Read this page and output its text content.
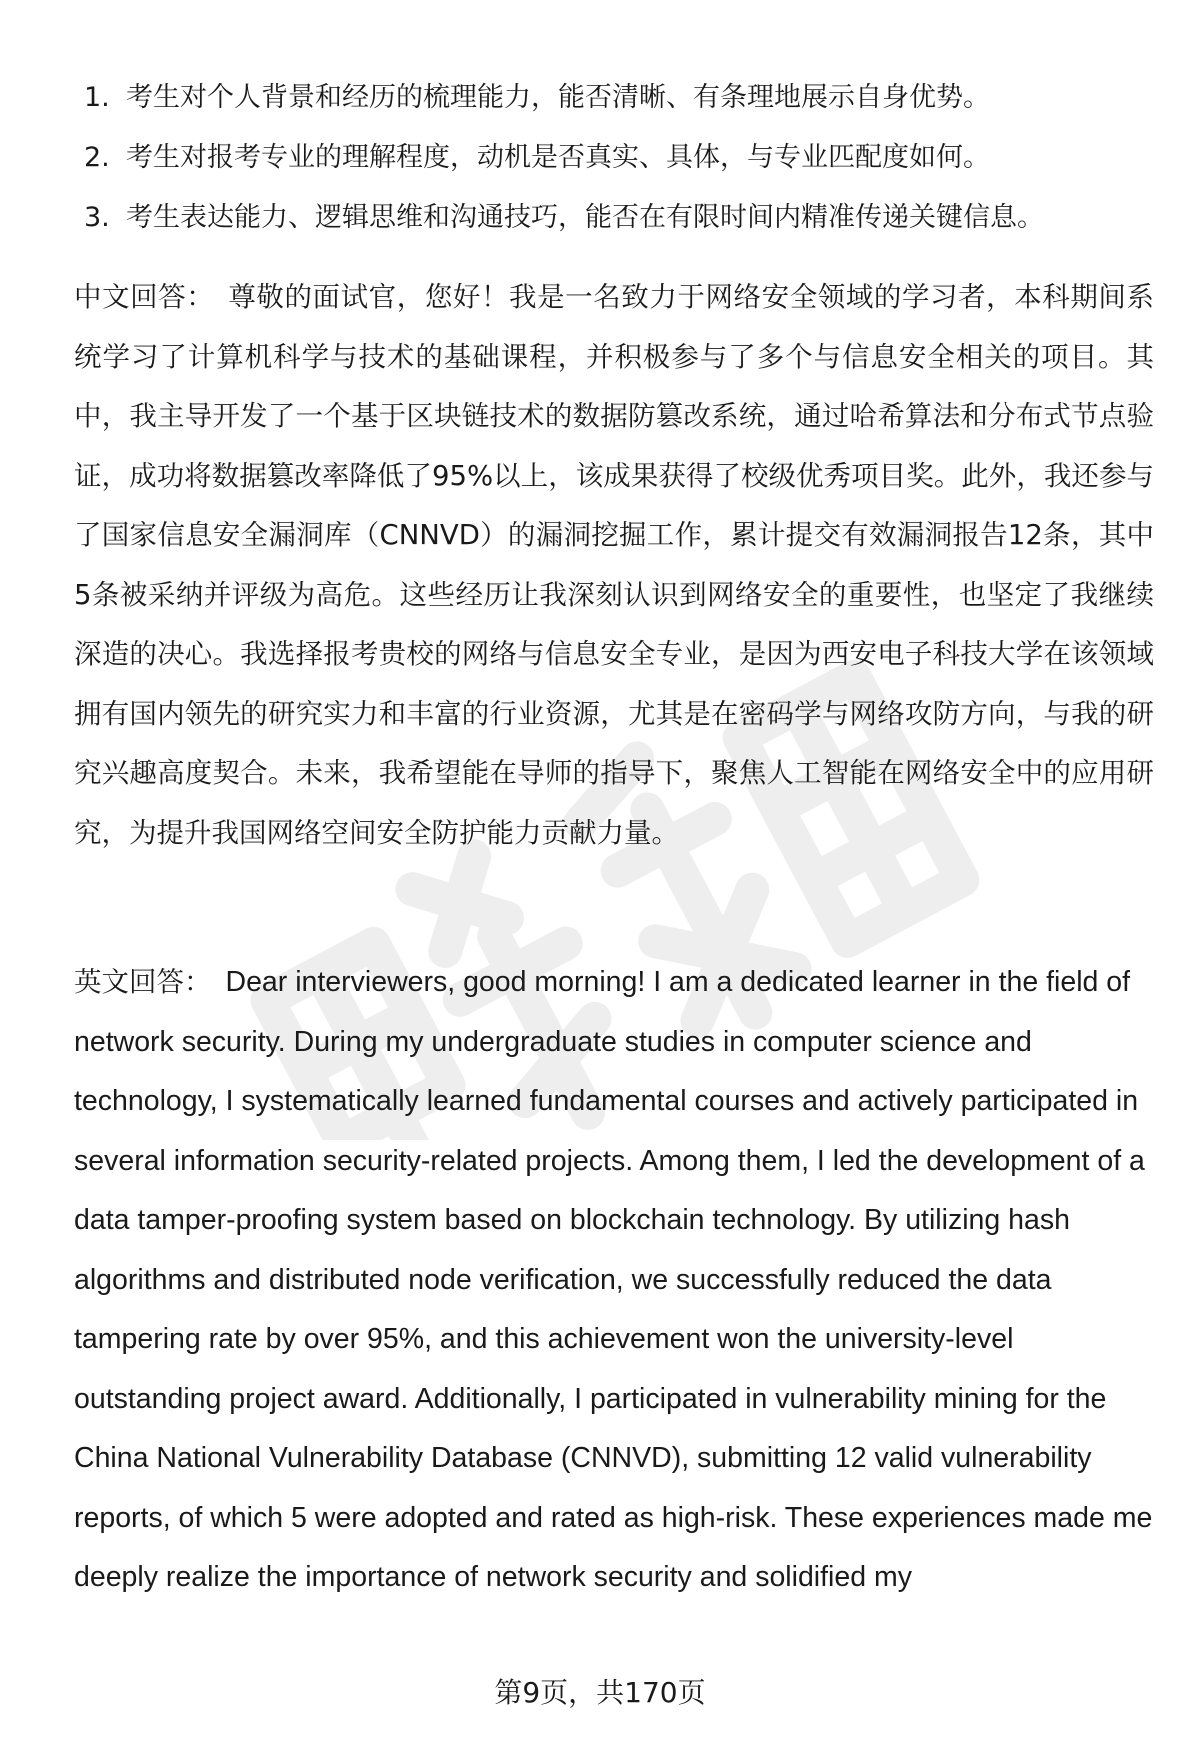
1. 考生对个人背景和经历的梳理能力，能否清晰、有条理地展示自身优势。
2. 考生对报考专业的理解程度，动机是否真实、具体，与专业匹配度如何。
3. 考生表达能力、逻辑思维和沟通技巧，能否在有限时间内精准传递关键信息。

中文回答： 尊敬的面试官，您好！我是一名致力于网络安全领域的学习者，本科期间系统学习了计算机科学与技术的基础课程，并积极参与了多个与信息安全相关的项目。其中，我主导开发了一个基于区块链技术的数据防篡改系统，通过哈希算法和分布式节点验证，成功将数据篡改率降低了95%以上，该成果获得了校级优秀项目奖。此外，我还参与了国家信息安全漏洞库（CNNVD）的漏洞挖掘工作，累计提交有效漏洞报告12条，其中5条被采纳并评级为高危。这些经历让我深刻认识到网络安全的重要性，也坚定了我继续深造的决心。我选择报考贵校的网络与信息安全专业，是因为西安电子科技大学在该领域拥有国内领先的研究实力和丰富的行业资源，尤其是在密码学与网络攻防方向，与我的研究兴趣高度契合。未来，我希望能在导师的指导下，聚焦人工智能在网络安全中的应用研究，为提升我国网络空间安全防护能力贡献力量。

英文回答： Dear interviewers, good morning! I am a dedicated learner in the field of network security. During my undergraduate studies in computer science and technology, I systematically learned fundamental courses and actively participated in several information security-related projects. Among them, I led the development of a data tamper-proofing system based on blockchain technology. By utilizing hash algorithms and distributed node verification, we successfully reduced the data tampering rate by over 95%, and this achievement won the university-level outstanding project award. Additionally, I participated in vulnerability mining for the China National Vulnerability Database (CNNVD), submitting 12 valid vulnerability reports, of which 5 were adopted and rated as high-risk. These experiences made me deeply realize the importance of network security and solidified my

第9页，共170页
